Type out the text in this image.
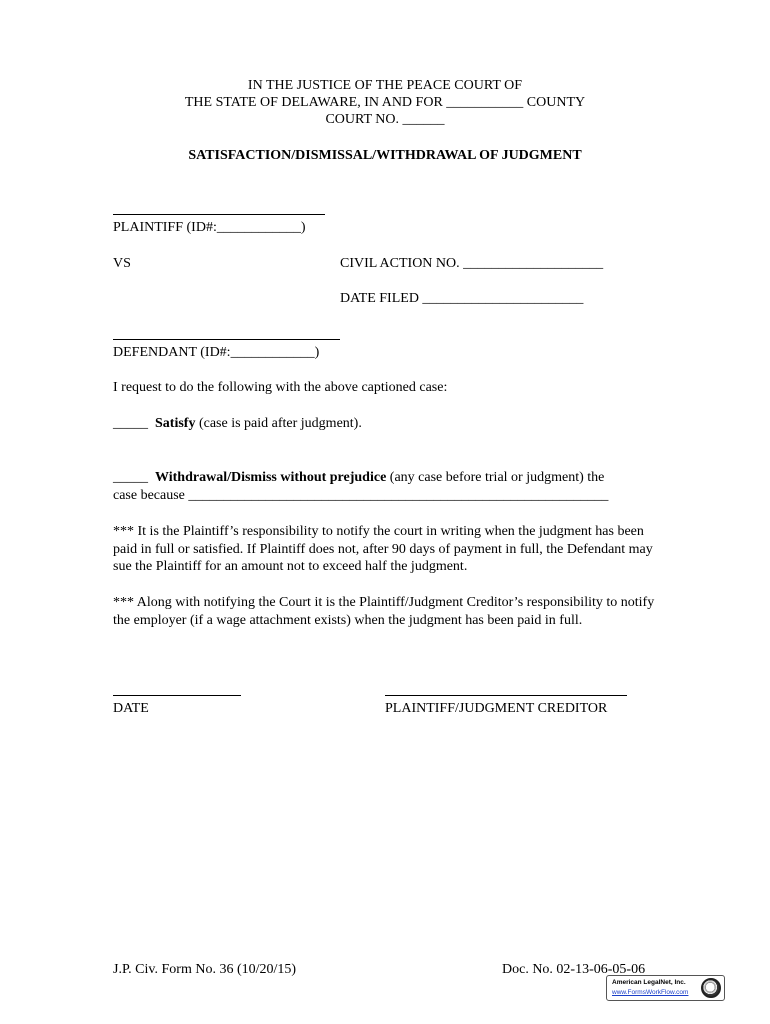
IN THE JUSTICE OF THE PEACE COURT OF
THE STATE OF DELAWARE, IN AND FOR ___________ COUNTY
COURT NO. ______
SATISFACTION/DISMISSAL/WITHDRAWAL OF JUDGMENT
PLAINTIFF (ID#:____________)
VS	CIVIL ACTION NO. ____________________
DATE FILED _______________________
DEFENDANT (ID#:____________)
I request to do the following with the above captioned case:
_____ Satisfy (case is paid after judgment).
_____ Withdrawal/Dismiss without prejudice (any case before trial or judgment) the
case because ____________________________________________________________
*** It is the Plaintiff’s responsibility to notify the court in writing when the judgment has been paid in full or satisfied. If Plaintiff does not, after 90 days of payment in full, the Defendant may sue the Plaintiff for an amount not to exceed half the judgment.
*** Along with notifying the Court it is the Plaintiff/Judgment Creditor’s responsibility to notify the employer (if a wage attachment exists) when the judgment has been paid in full.
DATE	PLAINTIFF/JUDGMENT CREDITOR
J.P. Civ. Form No. 36 (10/20/15)	Doc. No. 02-13-06-05-06
American LegalNet, Inc.
www.FormsWorkFlow.com
